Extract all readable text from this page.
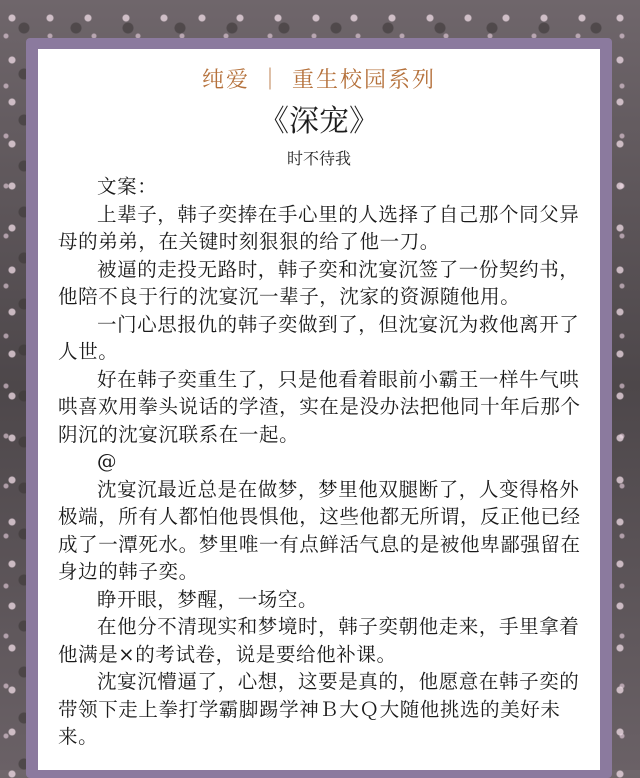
纯爱 ｜ 重生校园系列
《深宠》
时不待我

文案：

上辈子，韩子奕捧在手心里的人选择了自己那个同父异母的弟弟，在关键时刻狠狠的给了他一刀。

被逼的走投无路时，韩子奕和沈宴沉签了一份契约书，他陪不良于行的沈宴沉一辈子，沈家的资源随他用。

一门心思报仇的韩子奕做到了，但沈宴沉为救他离开了人世。

好在韩子奕重生了，只是他看着眼前小霸王一样牛气哄哄喜欢用拳头说话的学渣，实在是没办法把他同十年后那个阴沉的沈宴沉联系在一起。

@

沈宴沉最近总是在做梦，梦里他双腿断了，人变得格外极端，所有人都怕他畏惧他，这些他都无所谓，反正他已经成了一潭死水。梦里唯一有点鲜活气息的是被他卑鄙强留在身边的韩子奕。

睁开眼，梦醒，一场空。

在他分不清现实和梦境时，韩子奕朝他走来，手里拿着他满是×的考试卷，说是要给他补课。

沈宴沉懵逼了，心想，这要是真的，他愿意在韩子奕的带领下走上拳打学霸脚踢学神Ｂ大Ｑ大随他挑选的美好未来。
